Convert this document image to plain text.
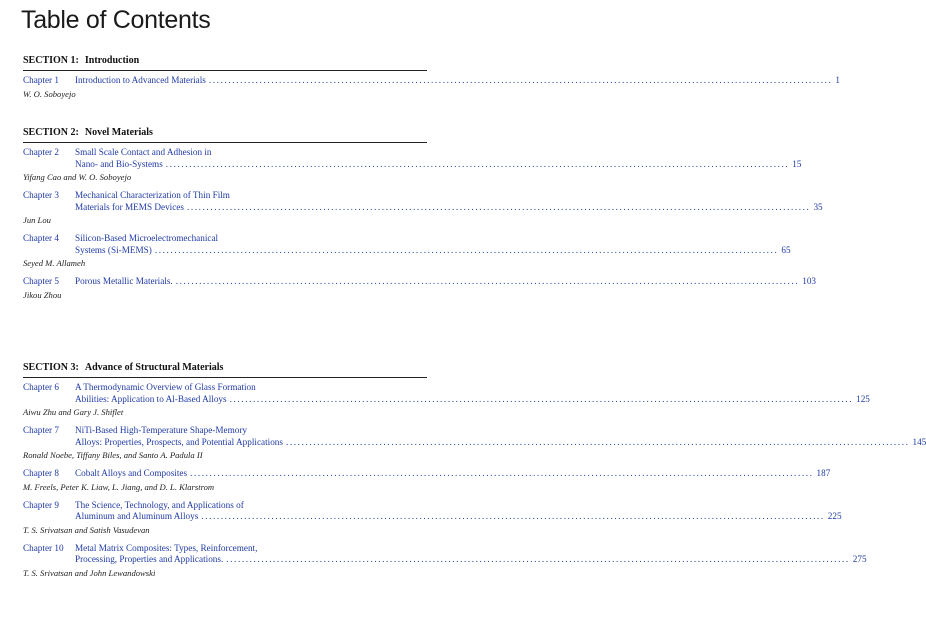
Table of Contents
SECTION 1: Introduction
Chapter 1	Introduction to Advanced Materials ................................................................................................................................................................ 1
W. O. Soboyejo
SECTION 2: Novel Materials
Chapter 2	Small Scale Contact and Adhesion in
Nano- and Bio-Systems ................................................................................................................................................................ 15
Yifang Cao and W. O. Soboyejo
Chapter 3	Mechanical Characterization of Thin Film
Materials for MEMS Devices ................................................................................................................................................................ 35
Jun Lou
Chapter 4	Silicon-Based Microelectromechanical
Systems (Si-MEMS) ................................................................................................................................................................ 65
Seyed M. Allameh
Chapter 5	Porous Metallic Materials. ................................................................................................................................................................ 103
Jikou Zhou
SECTION 3: Advance of Structural Materials
Chapter 6	A Thermodynamic Overview of Glass Formation
Abilities: Application to Al-Based Alloys ................................................................................................................................................................ 125
Aiwu Zhu and Gary J. Shiflet
Chapter 7	NiTi-Based High-Temperature Shape-Memory
Alloys: Properties, Prospects, and Potential Applications ................................................................................................................................................................ 145
Ronald Noebe, Tiffany Biles, and Santo A. Padula II
Chapter 8	Cobalt Alloys and Composites ................................................................................................................................................................ 187
M. Freels, Peter K. Liaw, L. Jiang, and D. L. Klarstrom
Chapter 9	The Science, Technology, and Applications of
Aluminum and Aluminum Alloys ................................................................................................................................................................ 225
T. S. Srivatsan and Satish Vasudevan
Chapter 10	Metal Matrix Composites: Types, Reinforcement,
Processing, Properties and Applications. ................................................................................................................................................................ 275
T. S. Srivatsan and John Lewandowski
